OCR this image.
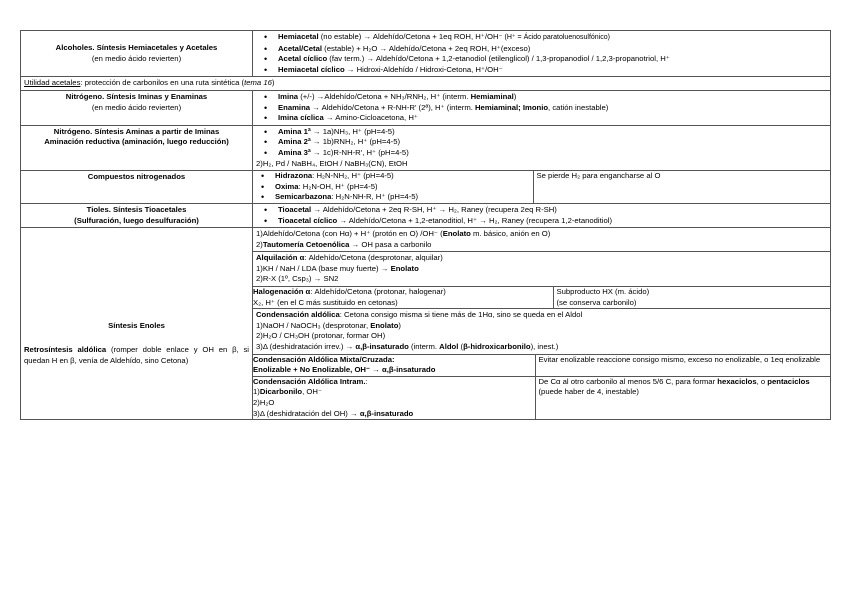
Alcoholes. Síntesis Hemiacetales y Acetales
(en medio ácido revierten)

• Hemiacetal (no estable) → Aldehído/Cetona + 1eq ROH, H⁺/OH⁻ (H⁺ = Ácido paratoluenosulfónico)
• Acetal/Cetal (estable) + H₂O → Aldehído/Cetona + 2eq ROH, H⁺(exceso)
• Acetal cíclico (fav term.) → Aldehído/Cetona + 1,2-etanodiol (etilenglicol) / 1,3-propanodiol / 1,2,3-propanotriol, H⁺
• Hemiacetal cíclico → Hidroxi-Aldehído / Hidroxi-Cetona, H⁺/OH⁻

Utilidad acetales: protección de carbonilos en una ruta sintética (tema 16)
Nitrógeno. Síntesis Iminas y Enaminas
(en medio ácido revierten)

• Imina (+/-) →Aldehído/Cetona + NH₃/RNH₂, H⁺ (interm. Hemiaminal)
• Enamina → Aldehído/Cetona + R-NH-R' (2ª), H⁺ (interm. Hemiaminal; Imonio, catión inestable)
• Imina cíclica → Amino-Cicloacetona, H⁺

Nitrógeno. Síntesis Aminas a partir de Iminas
Aminación reductiva (aminación, luego reducción)	
• Amina 1ª → 1a)NH₃, H⁺ (pH=4-5)
• Amina 2ª → 1b)RNH₂, H⁺ (pH=4-5)
• Amina 3ª → 1c)R-NH-R', H⁺ (pH=4-5)
2)H₂, Pd / NaBH₄, EtOH / NaBH₃(CN), EtOH

Compuestos nitrogenados	
•	Hidrazona: H₂N-NH₂, H⁺ (pH=4-5)
• Oxima: H₂N-OH, H⁺ (pH=4-5)
• Semicarbazona: H₂N-NH-R, H⁺ (pH=4-5)
	Se pierde H₂ para engancharse al O

Tioles. Síntesis Tioacetales
(Sulfuración, luego desulfuración)	
• Tioacetal → Aldehído/Cetona + 2eq R-SH, H⁺ → H₂, Raney (recupera 2eq R-SH)
• Tioacetal cíclico → Aldehído/Cetona + 1,2-etanoditiol, H⁺ → H₂, Raney (recupera 1,2-etanoditiol)

Síntesis Enoles
Retrosíntesis aldólica (romper doble enlace y OH en β, si quedan H en β, venía de Aldehído, sino Cetona)

1)Aldehído/Cetona (con Hα) + H⁺ (protón en O) /OH⁻ (Enolato m. básico, anión en O)
2)Tautomería Cetoenólica → OH pasa a carbonilo
Alquilación α: Aldehído/Cetona (desprotonar, alquilar)
1)KH / NaH / LDA (base muy fuerte) → Enolato
2)R-X (1º, Csp₃) → SN2
Halogenación α: Aldehído/Cetona (protonar, halogenar)
X₂, H⁺ (en el C más sustituido en cetonas)

Subproducto HX (m. ácido)
(se conserva carbonilo)
Condensación aldólica: Cetona consigo misma si tiene más de 1Hα, sino se queda en el Aldol
1)NaOH / NaOCH₃ (desprotonar, Enolato)
2)H₂O / CH₃OH (protonar, formar OH)
3)Δ (deshidratación irrev.) → α,β-insaturado (interm. Aldol (β-hidroxicarbonilo), inest.)
Condensación Aldólica Mixta/Cruzada:
Enolizable + No Enolizable, OH⁻ → α,β-insaturado
	Evitar enolizable reaccione consigo mismo, exceso no enolizable, o 1eq enolizable
Condensación Aldólica Intram.:
1)Dicarbonilo, OH⁻
2)H₂O
3)Δ (deshidratación del OH) → α,β-insaturado
	De Cα al otro carbonilo al menos 5/6 C, para formar hexaciclos, o pentaciclos (puede haber de 4, inestable)
